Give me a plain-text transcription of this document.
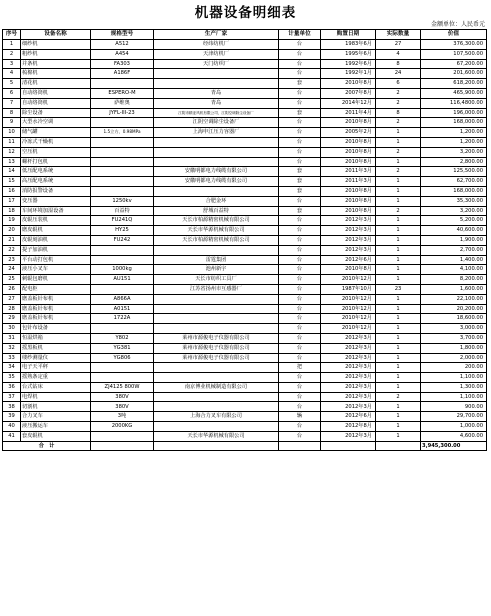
机器设备明细表
金额单位：人民币元
序号	设备名称	规格型号	生产厂家	计量单位	购置日期	实际数量	价值
1	细纱机	A512	经纬纺机厂	台	1983年6月	27	376,300.00
2	粗纱机	A454	天津纺机厂	台	1995年6月	4	107,500.00
3	并条机	FA303	天门纺织厂	台	1992年6月	8	67,200.00
4	梳棉机	A186F		台	1992年1月	24	201,600.00
5	清花机			套	2010年8月	6	618,200.00
6	自动络筒机	ESPERO-M	青岛	台	2007年8月	2	465,900.00
7	自动络筒机	萨维奥	青岛	台	2014年12月	2	116,4800.00
8	除尘设备	JYFL-III-23	江阴市精亚风机有限公司，江阴空调除尘设备厂	套	2011年4月	8	196,000.00
9	大型水冷空调		江阴空调除尘设备厂	台	2010年8月	2	168,000.00
10	储气罐	1.5立方、0.98MPa	上海申江压力容器厂	台	2005年2月	1	1,200.00
11	冷冻式干燥机			台	2010年8月	1	1,200.00
12	空压机			台	2010年8月	2	3,200.00
13	螺杆打包机			台	2010年8月	1	2,800.00
14	低压配电系统		安徽明都电力线缆有限公司	套	2011年3月	2	125,500.00
15	高压配电系统		安徽明都电力线缆有限公司	套	2011年3月	1	62,700.00
16	消防报警设备			套	2010年8月	1	168,000.00
17	变压器	1250kv	合肥金环	台	2010年8月	1	35,300.00
18	车间环境加湿设备	百益特	舒城百益特	套	2010年8月	2	3,200.00
19	皮辊压装机	FU241Q	天长市柏源精密机械有限公司	台	2012年3月	1	5,200.00
20	磨皮辊机	HY25	天长市华源机械有限公司	台	2012年3月	1	40,600.00
21	皮辊刻油机	FU242	天长市柏源精密机械有限公司	台	2012年3月	1	1,900.00
22	提子加油机			台	2012年3月	1	2,700.00
23	平台动打包机		雷霆集团	台	2012年6月	1	1,400.00
24	液压小叉车	1000kg	池州新宇	台	2010年8月	1	4,100.00
25	刺辊包磨机	AU151	天长市纺织工具厂	台	2010年12月	1	8,200.00
26	配电柜		江苏省扬州市互感器厂	台	1987年10月	23	1,600.00
27	磨盖板针布机	A866A		台	2010年12月	1	22,100.00
28	磨盖板针布机	A0151		台	2010年12月	1	20,200.00
29	磨盖板针布机	1722A		台	2010年12月	1	18,600.00
30	包针布设备			台	2010年12月	1	3,000.00
31	恒温烘箱	Y802	莱州市源俊电子仪器有限公司	台	2012年3月	1	3,700.00
32	摇黑板机	YG381	莱州市源俊电子仪器有限公司	台	2012年3月	1	1,800.00
33	缕纱测量仪	YG806	莱州市源俊电子仪器有限公司	台	2012年3月	1	2,000.00
34	电子天平秤			把	2012年3月	1	200.00
35	摇熟条定重			台	2012年3月	1	1,100.00
36	台式钻床	ZJ4125 800W	南京博业机械制造有限公司	台	2012年3月	1	1,300.00
37	电焊机	380V		台	2012年3月	2	1,100.00
38	切割机	380V		台	2012年3月	1	900.00
39	合力叉车	3吨	上海合力叉车有限公司	辆	2012年6月	1	29,700.00
40	液压搬运车	2000KG		台	2012年8月	1	1,000.00
41	套皮辊机		天长市华源机械有限公司	台	2012年3月	1	4,600.00
合　计							3,945,300.00
